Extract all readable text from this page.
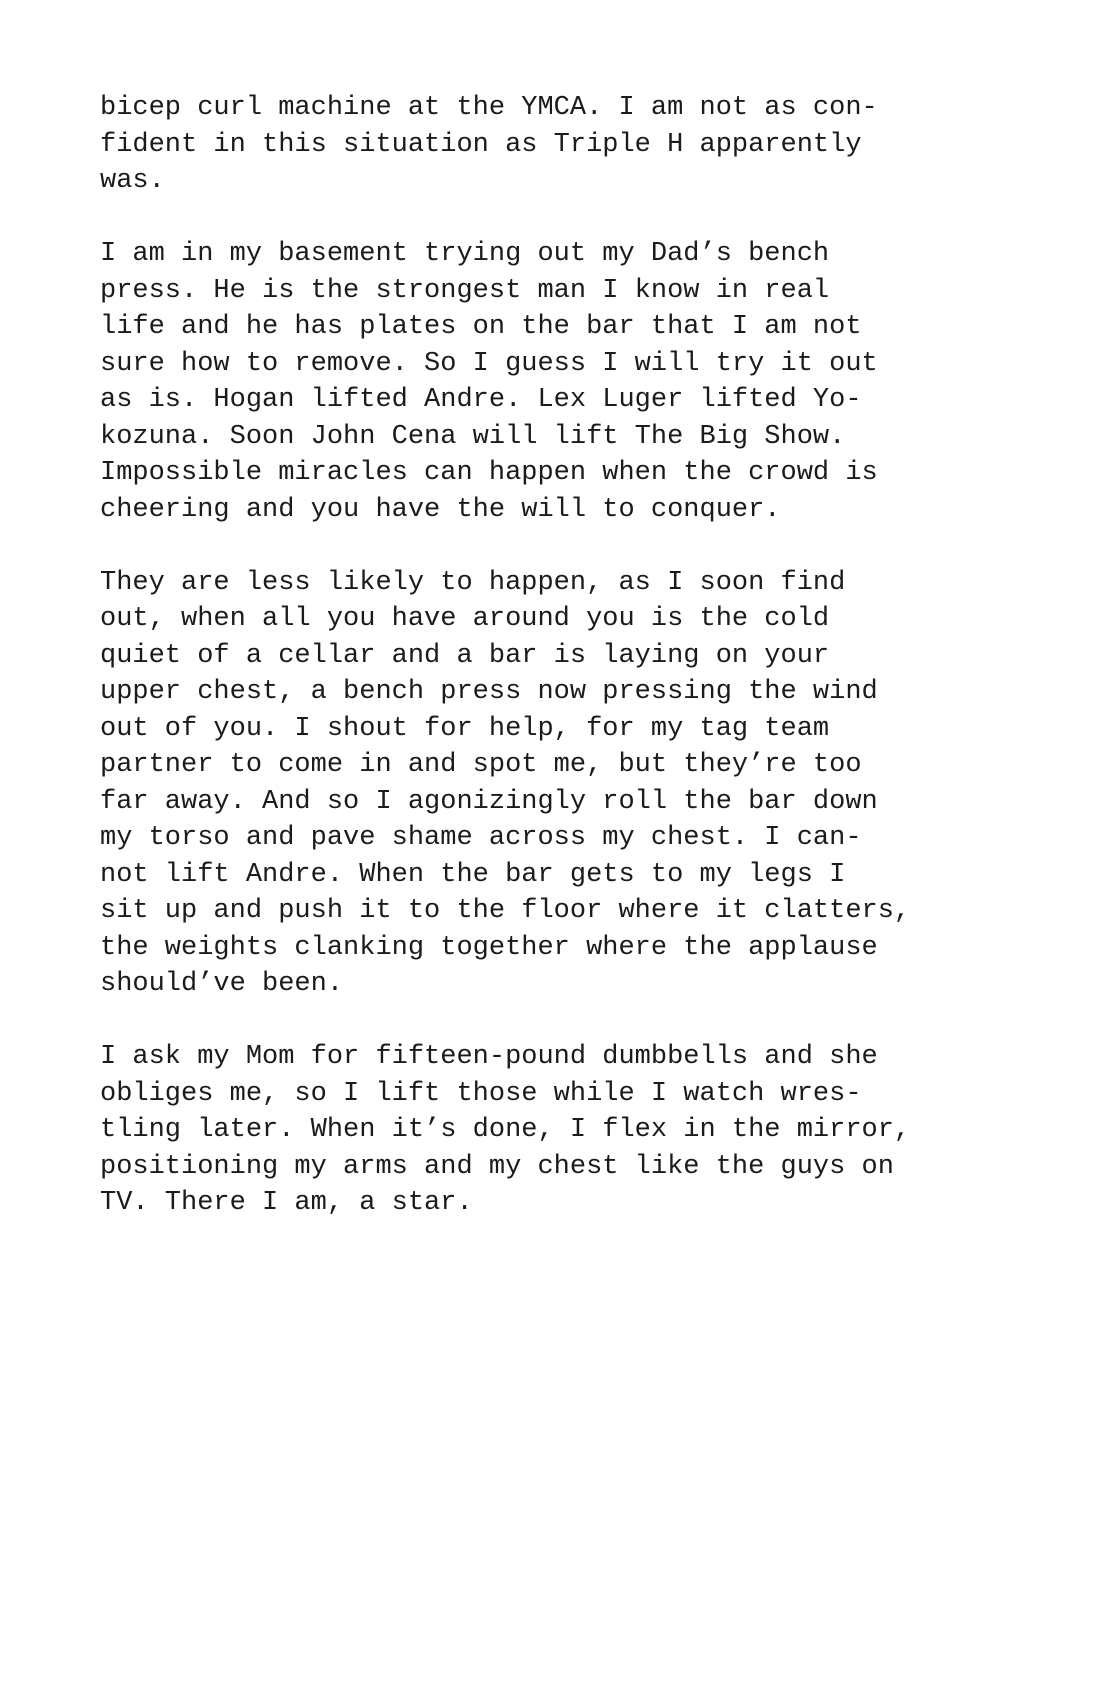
bicep curl machine at the YMCA. I am not as con-
fident in this situation as Triple H apparently
was.

I am in my basement trying out my Dad’s bench
press. He is the strongest man I know in real
life and he has plates on the bar that I am not
sure how to remove. So I guess I will try it out
as is. Hogan lifted Andre. Lex Luger lifted Yo-
kozuna. Soon John Cena will lift The Big Show.
Impossible miracles can happen when the crowd is
cheering and you have the will to conquer.

They are less likely to happen, as I soon find
out, when all you have around you is the cold
quiet of a cellar and a bar is laying on your
upper chest, a bench press now pressing the wind
out of you. I shout for help, for my tag team
partner to come in and spot me, but they’re too
far away. And so I agonizingly roll the bar down
my torso and pave shame across my chest. I can-
not lift Andre. When the bar gets to my legs I
sit up and push it to the floor where it clatters,
the weights clanking together where the applause
should’ve been.

I ask my Mom for fifteen-pound dumbbells and she
obliges me, so I lift those while I watch wres-
tling later. When it’s done, I flex in the mirror,
positioning my arms and my chest like the guys on
TV. There I am, a star.
